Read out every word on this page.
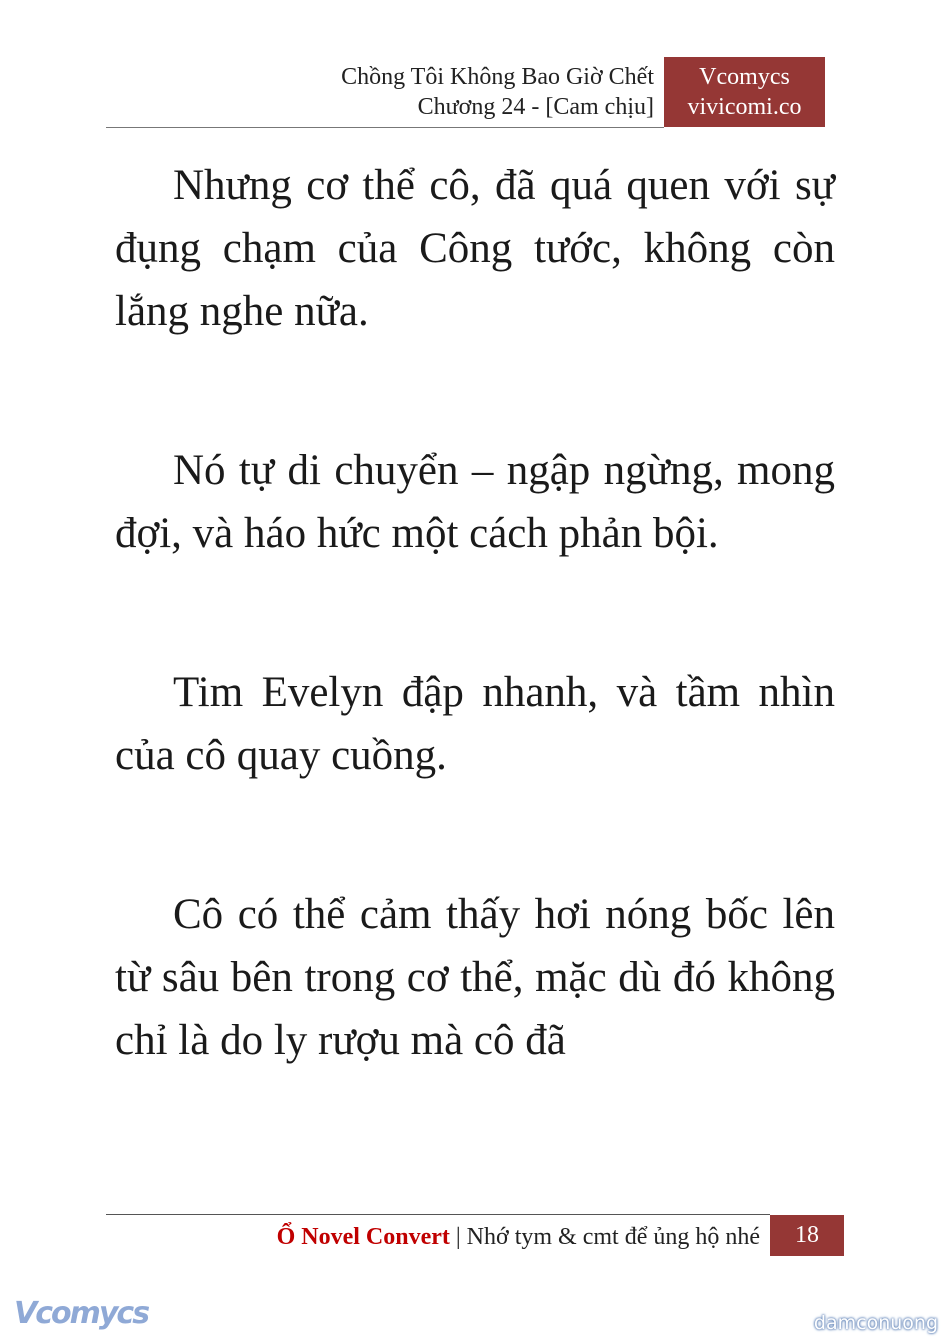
Chồng Tôi Không Bao Giờ Chết
Chương 24 - [Cam chịu]
Vcomycs
vivicomi.co

Nhưng cơ thể cô, đã quá quen với sự đụng chạm của Công tước, không còn lắng nghe nữa.

Nó tự di chuyển – ngập ngừng, mong đợi, và háo hức một cách phản bội.

Tim Evelyn đập nhanh, và tầm nhìn của cô quay cuồng.

Cô có thể cảm thấy hơi nóng bốc lên từ sâu bên trong cơ thể, mặc dù đó không chỉ là do ly rượu mà cô đã

Ổ Novel Convert | Nhớ tym & cmt để ủng hộ nhé	18
Vcomycs	damconuong
